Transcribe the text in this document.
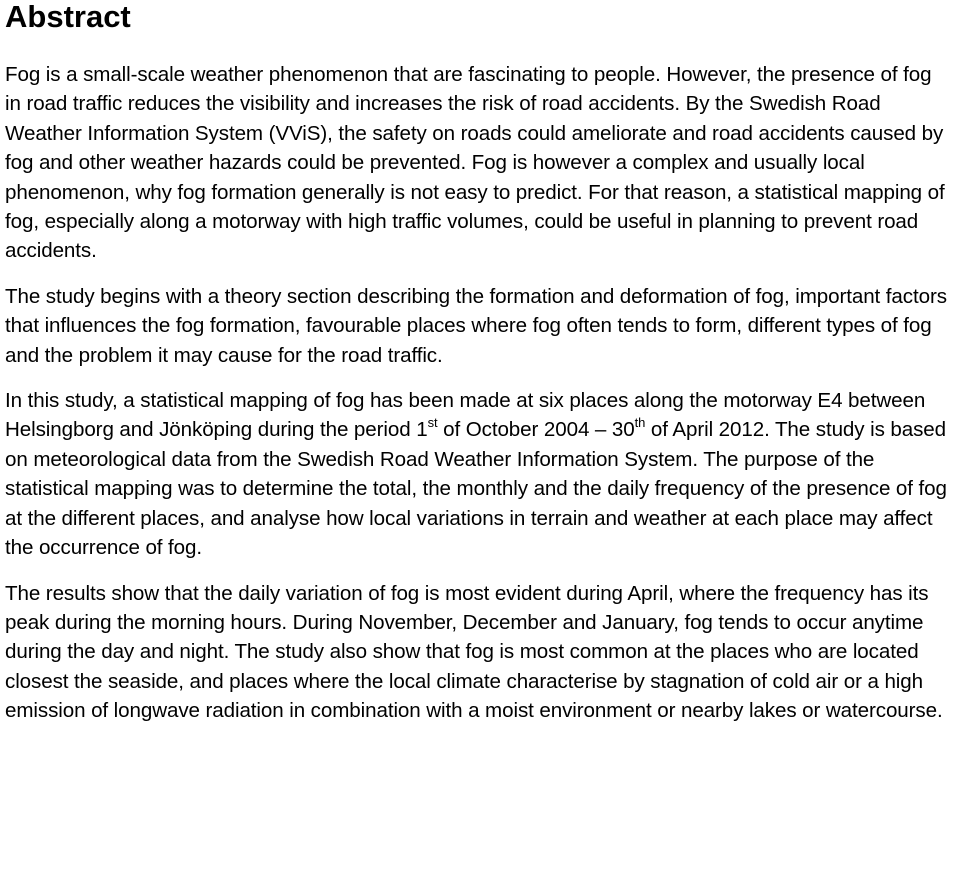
Abstract

Fog is a small-scale weather phenomenon that are fascinating to people. However, the presence of fog in road traffic reduces the visibility and increases the risk of road accidents. By the Swedish Road Weather Information System (VViS), the safety on roads could ameliorate and road accidents caused by fog and other weather hazards could be prevented. Fog is however a complex and usually local phenomenon, why fog formation generally is not easy to predict. For that reason, a statistical mapping of fog, especially along a motorway with high traffic volumes, could be useful in planning to prevent road accidents.

The study begins with a theory section describing the formation and deformation of fog, important factors that influences the fog formation, favourable places where fog often tends to form, different types of fog and the problem it may cause for the road traffic.

In this study, a statistical mapping of fog has been made at six places along the motorway E4 between Helsingborg and Jönköping during the period 1st of October 2004 – 30th of April 2012. The study is based on meteorological data from the Swedish Road Weather Information System. The purpose of the statistical mapping was to determine the total, the monthly and the daily frequency of the presence of fog at the different places, and analyse how local variations in terrain and weather at each place may affect the occurrence of fog.

The results show that the daily variation of fog is most evident during April, where the frequency has its peak during the morning hours. During November, December and January, fog tends to occur anytime during the day and night. The study also show that fog is most common at the places who are located closest the seaside, and places where the local climate characterise by stagnation of cold air or a high emission of longwave radiation in combination with a moist environment or nearby lakes or watercourse.
